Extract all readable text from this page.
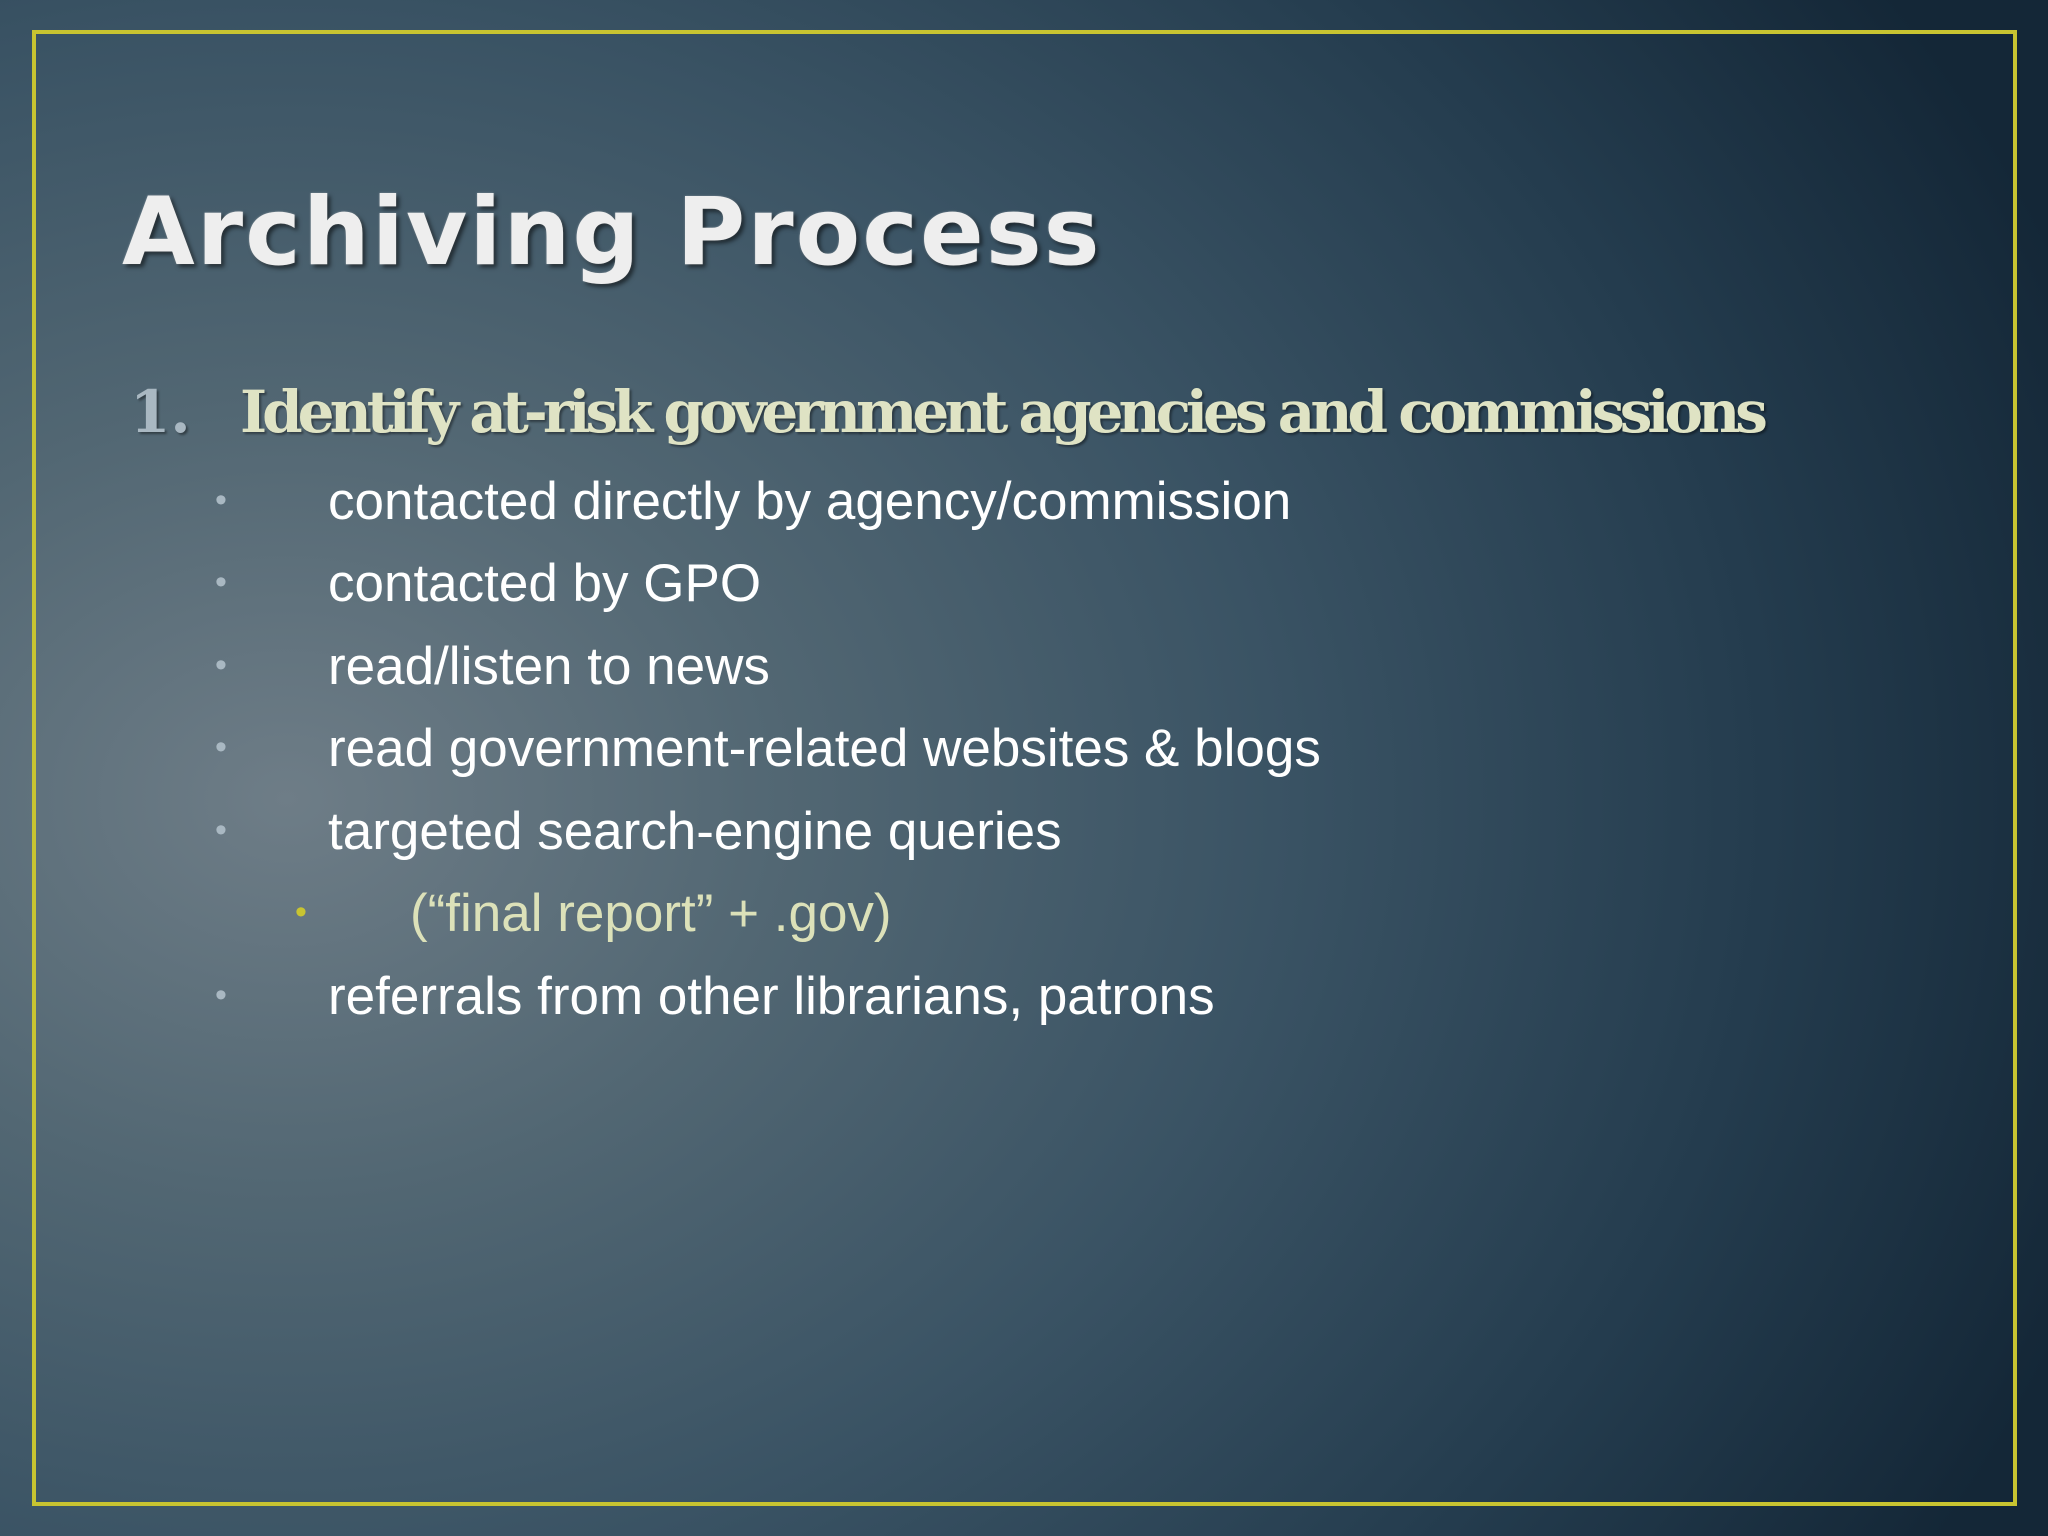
Archiving Process
1. Identify at-risk government agencies and commissions
• contacted directly by agency/commission
• contacted by GPO
• read/listen to news
• read government-related websites & blogs
• targeted search-engine queries
• (“final report” + .gov)
• referrals from other librarians, patrons
